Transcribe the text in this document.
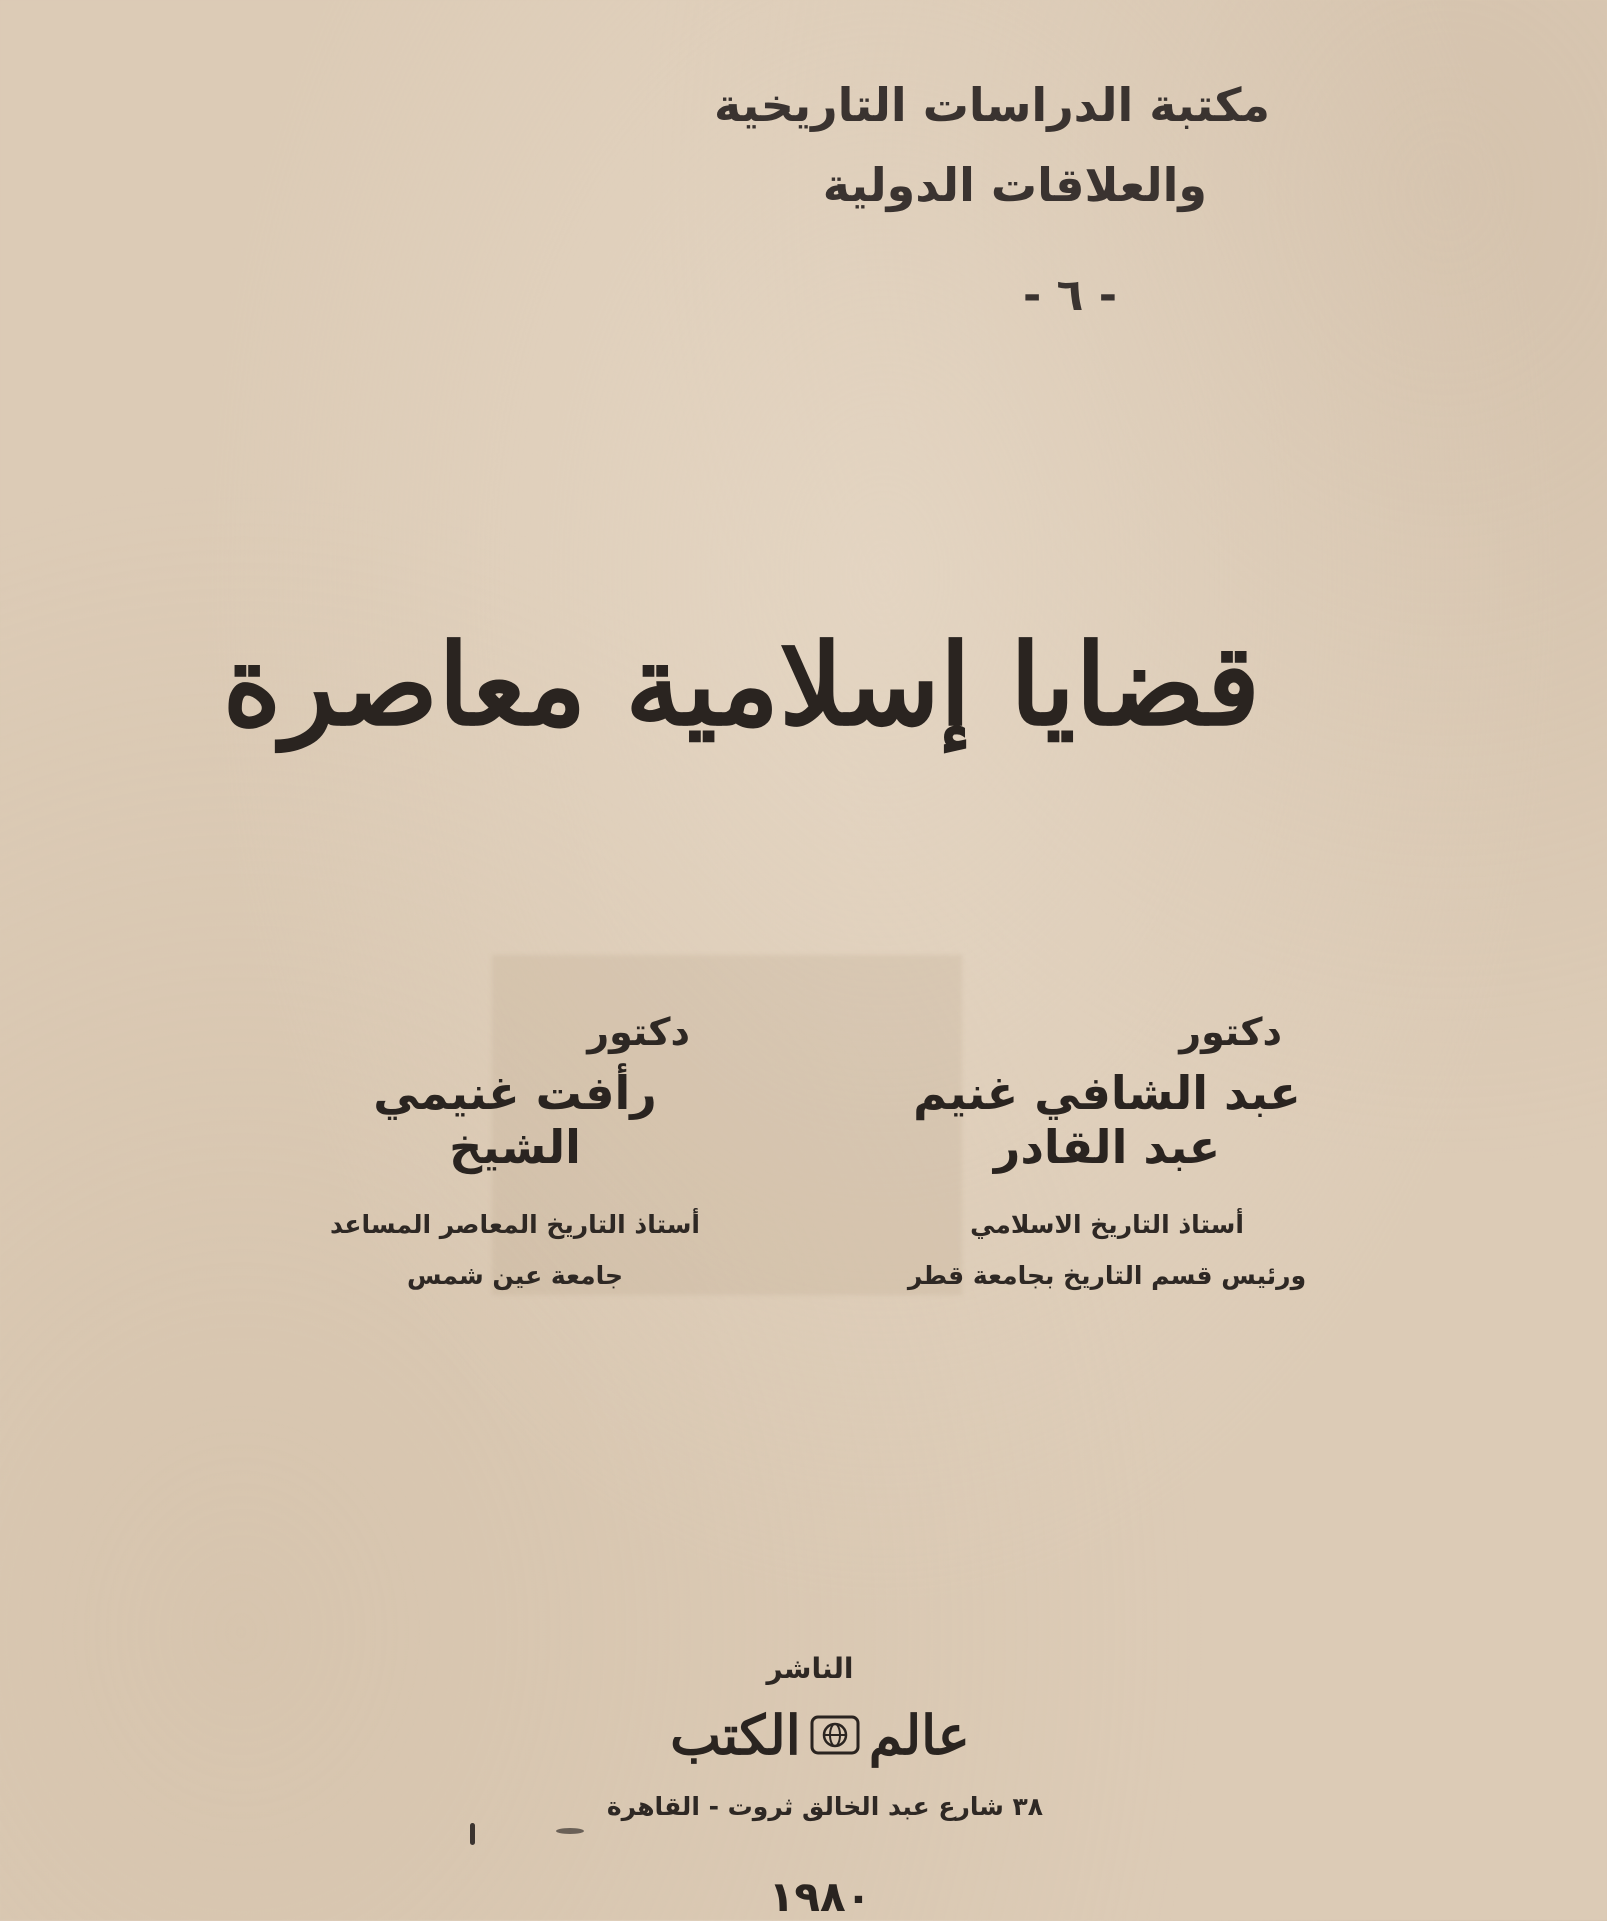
مكتبة الدراسات التاريخية
والعلاقات الدولية
- ٦ -
قضايا إسلامية معاصرة
دكتور
عبد الشافي غنيم عبد القادر
أستاذ التاريخ الاسلامي
ورئيس قسم التاريخ بجامعة قطر
دكتور
رأفت غنيمي الشيخ
أستاذ التاريخ المعاصر المساعد
جامعة عين شمس
الناشر
عالم
الكتب
٣٨ شارع عبد الخالق ثروت - القاهرة
١٩٨٠
